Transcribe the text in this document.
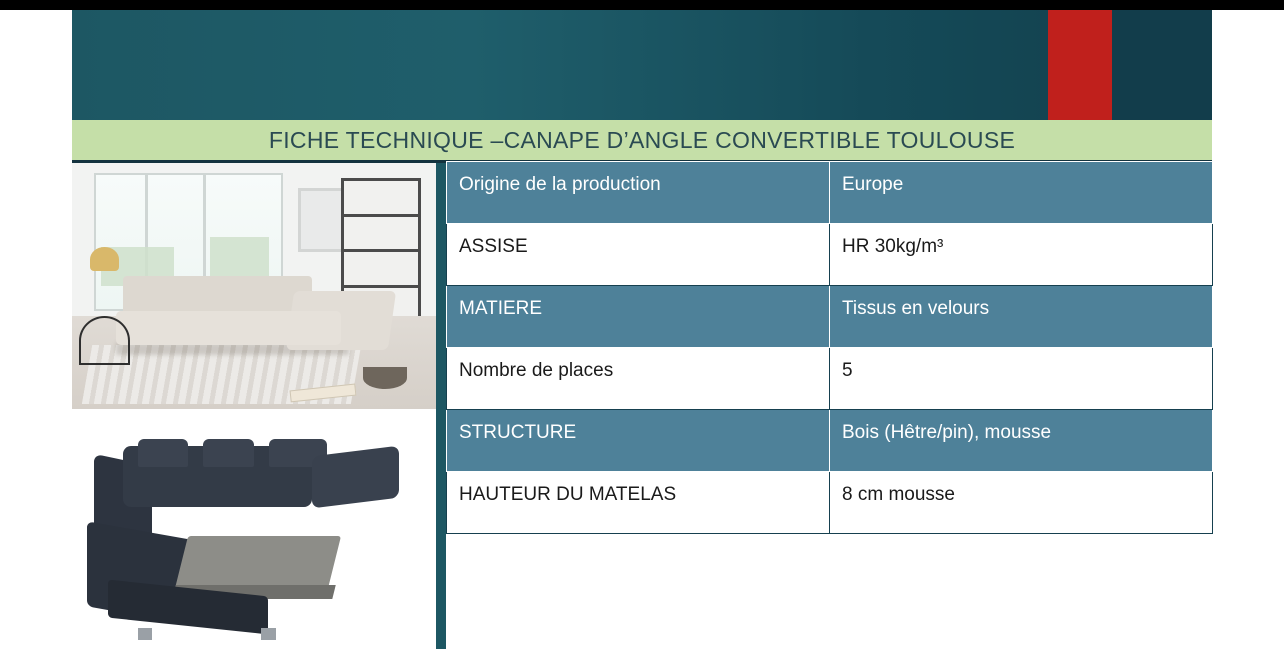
FICHE TECHNIQUE –CANAPE D’ANGLE CONVERTIBLE TOULOUSE
Origine de la production	Europe
ASSISE	HR 30kg/m³
MATIERE	Tissus en velours
Nombre de places	5
STRUCTURE	Bois (Hêtre/pin), mousse
HAUTEUR DU MATELAS	8 cm mousse
